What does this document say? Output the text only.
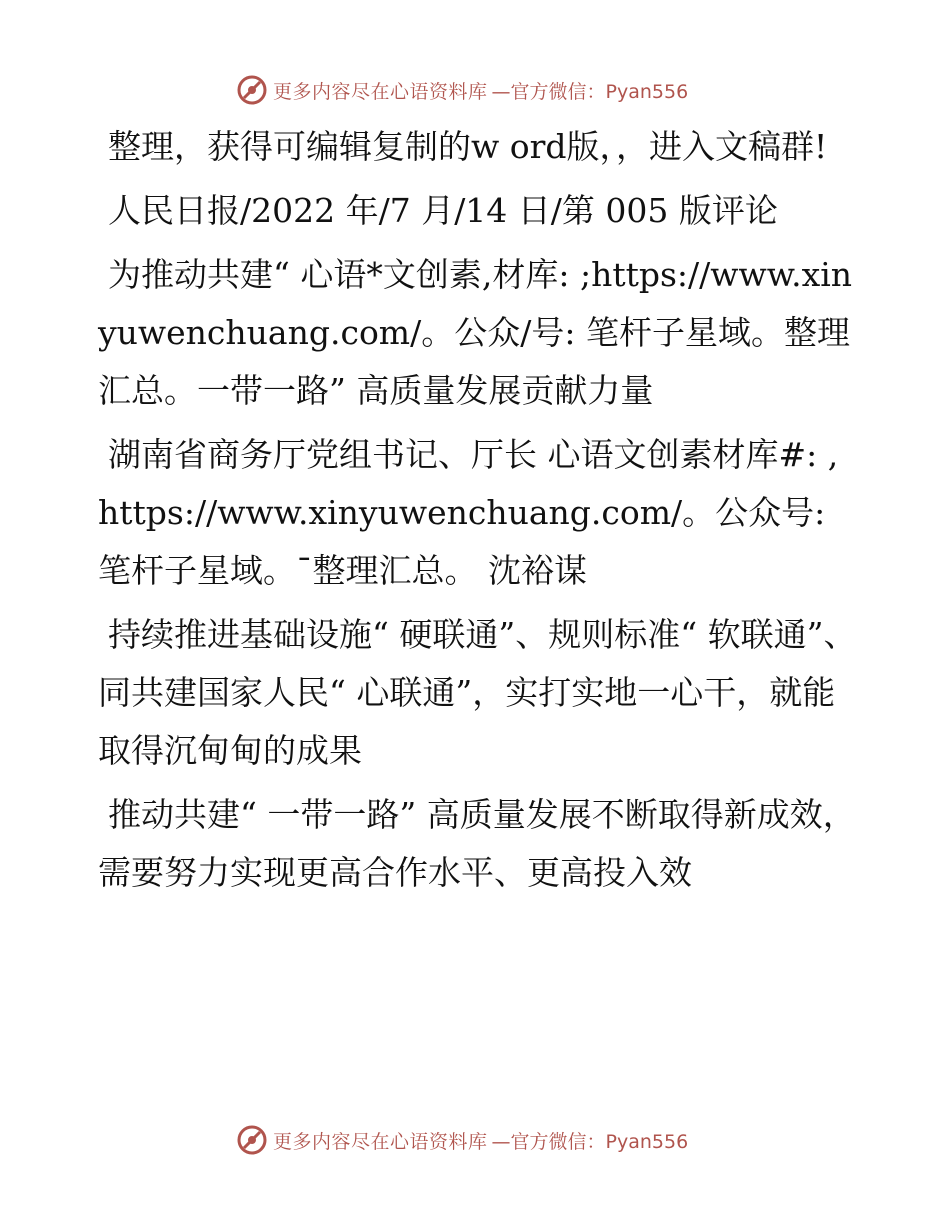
更多内容尽在心语资料库 —官方微信：Pyan556

整理，获得可编辑复制的w ord版，，进入文稿群!

人民日报/2022 年/7 月/14 日/第 005 版评论

为推动共建“ 心语*文创素,材库: ;https://www.xinyuwenchuang.com/。公众/号: 笔杆子星域。整理汇总。一带一路” 高质量发展贡献力量

湖南省商务厅党组书记、厅长 心语文创素材库#: ,https://www.xinyuwenchuang.com/。公众号: 笔杆子星域。¯整理汇总。 沈裕谋

持续推进基础设施“ 硬联通”、规则标准“ 软联通”、同共建国家人民“ 心联通”，实打实地一心干，就能取得沉甸甸的成果

推动共建“ 一带一路” 高质量发展不断取得新成效，需要努力实现更高合作水平、更高投入效

更多内容尽在心语资料库 —官方微信：Pyan556
